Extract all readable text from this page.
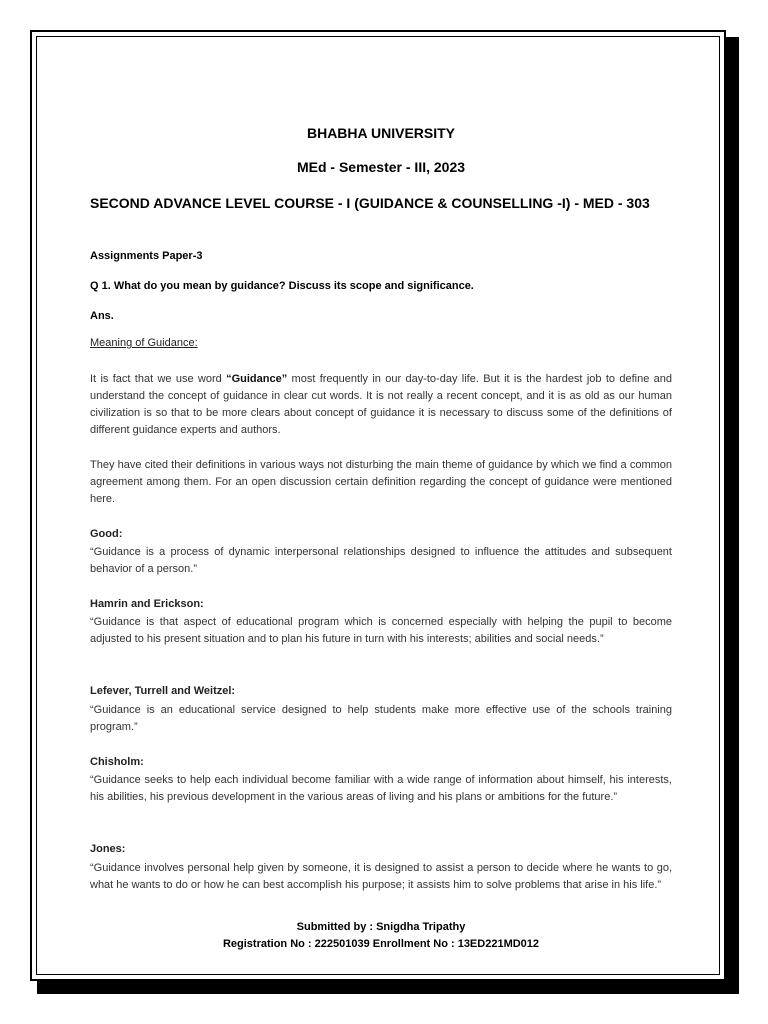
BHABHA UNIVERSITY
MEd - Semester - III, 2023
SECOND ADVANCE LEVEL COURSE - I (GUIDANCE & COUNSELLING -I) - MED - 303
Assignments Paper-3
Q 1. What do you mean by guidance? Discuss its scope and significance.
Ans.
Meaning of Guidance:
It is fact that we use word “Guidance” most frequently in our day-to-day life. But it is the hardest job to define and understand the concept of guidance in clear cut words. It is not really a recent concept, and it is as old as our human civilization is so that to be more clears about concept of guidance it is necessary to discuss some of the definitions of different guidance experts and authors.
They have cited their definitions in various ways not disturbing the main theme of guidance by which we find a common agreement among them. For an open discussion certain definition regarding the concept of guidance were mentioned here.
Good:
“Guidance is a process of dynamic interpersonal relationships designed to influence the attitudes and subsequent behavior of a person.”
Hamrin and Erickson:
“Guidance is that aspect of educational program which is concerned especially with helping the pupil to become adjusted to his present situation and to plan his future in turn with his interests; abilities and social needs.”
Lefever, Turrell and Weitzel:
“Guidance is an educational service designed to help students make more effective use of the schools training program.”
Chisholm:
“Guidance seeks to help each individual become familiar with a wide range of information about himself, his interests, his abilities, his previous development in the various areas of living and his plans or ambitions for the future.”
Jones:
“Guidance involves personal help given by someone, it is designed to assist a person to decide where he wants to go, what he wants to do or how he can best accomplish his purpose; it assists him to solve problems that arise in his life.”
Submitted by : Snigdha Tripathy
Registration No : 222501039 Enrollment No : 13ED221MD012
